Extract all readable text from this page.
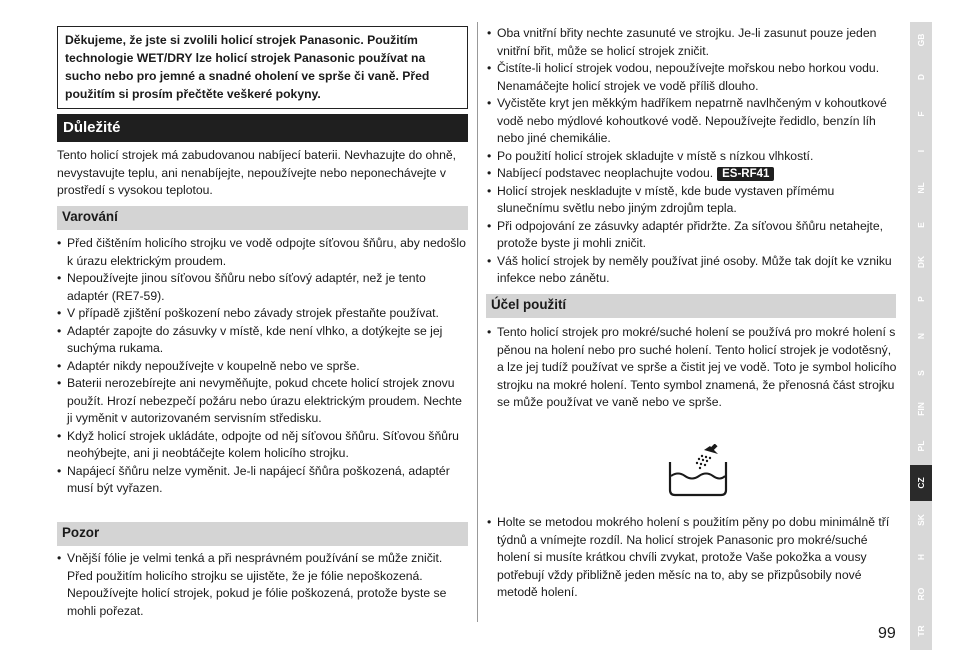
Děkujeme, že jste si zvolili holicí strojek Panasonic. Použitím technologie WET/DRY lze holicí strojek Panasonic používat na sucho nebo pro jemné a snadné oholení ve sprše či vaně. Před použitím si prosím přečtěte veškeré pokyny.
Důležité

Tento holicí strojek má zabudovanou nabíjecí baterii. Nevhazujte do ohně, nevystavujte teplu, ani nenabíjejte, nepoužívejte nebo neponechávejte v prostředí s vysokou teplotou.

Varování
• Před čištěním holicího strojku ve vodě odpojte síťovou šňůru, aby nedošlo k úrazu elektrickým proudem.
• Nepoužívejte jinou síťovou šňůru nebo síťový adaptér, než je tento adaptér (RE7-59).
• V případě zjištění poškození nebo závady strojek přestaňte používat.
• Adaptér zapojte do zásuvky v místě, kde není vlhko, a dotýkejte se jej suchýma rukama.
• Adaptér nikdy nepoužívejte v koupelně nebo ve sprše.
• Baterii nerozebírejte ani nevyměňujte, pokud chcete holicí strojek znovu použít. Hrozí nebezpečí požáru nebo úrazu elektrickým proudem. Nechte ji vyměnit v autorizovaném servisním středisku.
• Když holicí strojek ukládáte, odpojte od něj síťovou šňůru. Síťovou šňůru neohýbejte, ani ji neobtáčejte kolem holicího strojku.
• Napájecí šňůru nelze vyměnit. Je-li napájecí šňůra poškozená, adaptér musí být vyřazen.
Pozor
• Vnější fólie je velmi tenká a při nesprávném používání se může zničit. Před použitím holicího strojku se ujistěte, že je fólie nepoškozená. Nepoužívejte holicí strojek, pokud je fólie poškozená, protože byste se mohli pořezat.
• Oba vnitřní břity nechte zasunuté ve strojku. Je-li zasunut pouze jeden vnitřní břit, může se holicí strojek zničit.
• Čistíte-li holicí strojek vodou, nepoužívejte mořskou nebo horkou vodu. Nenamáčejte holicí strojek ve vodě příliš dlouho.
• Vyčistěte kryt jen měkkým hadříkem nepatrně navlhčeným v kohoutkové vodě nebo mýdlové kohoutkové vodě. Nepoužívejte ředidlo, benzín líh nebo jiné chemikálie.
• Po použití holicí strojek skladujte v místě s nízkou vlhkostí.
• Nabíjecí podstavec neoplachujte vodou. ES-RF41
• Holicí strojek neskladujte v místě, kde bude vystaven přímému slunečnímu světlu nebo jiným zdrojům tepla.
• Při odpojování ze zásuvky adaptér přidržte. Za síťovou šňůru netahejte, protože byste ji mohli zničit.
• Váš holicí strojek by neměly používat jiné osoby. Může tak dojít ke vzniku infekce nebo zánětu.
Účel použití
• Tento holicí strojek pro mokré/suché holení se používá pro mokré holení s pěnou na holení nebo pro suché holení. Tento holicí strojek je vodotěsný, a lze jej tudíž používat ve sprše a čistit jej ve vodě. Toto je symbol holicího strojku na mokré holení. Tento symbol znamená, že přenosná část strojku se může používat ve vaně nebo ve sprše.
• Holte se metodou mokrého holení s použitím pěny po dobu minimálně tří týdnů a vnímejte rozdíl. Na holicí strojek Panasonic pro mokré/suché holení si musíte krátkou chvíli zvykat, protože Vaše pokožka a vousy potřebují vždy přibližně jeden měsíc na to, aby se přizpůsobily nové metodě holení.
99
GB
D
F
I
NL
E
DK
P
N
S
FIN
PL
CZ
SK
H
RO
TR
